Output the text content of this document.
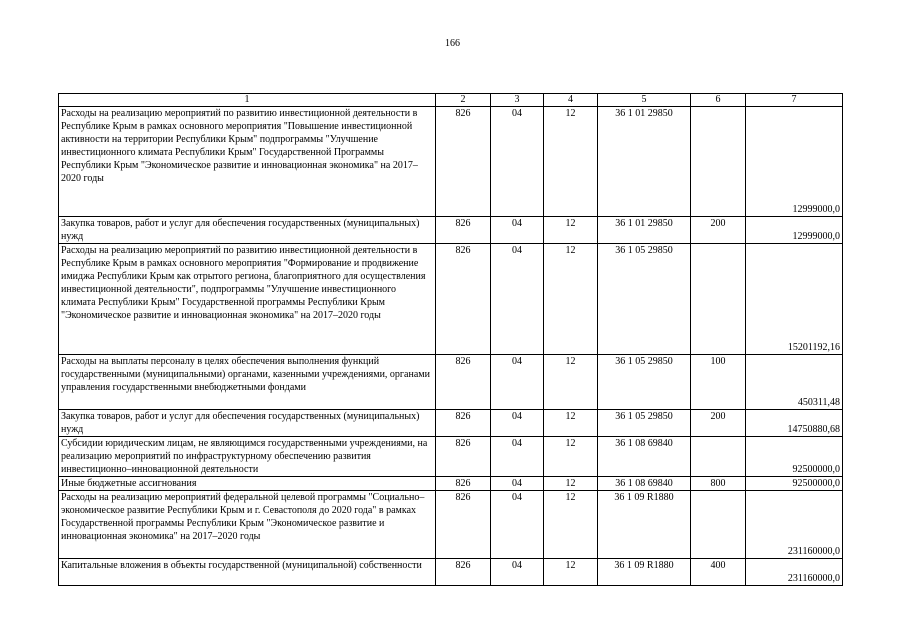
166
1	2	3	4	5	6	7
Расходы на реализацию мероприятий по развитию инвестиционной деятельности в Республике Крым в рамках основного мероприятия "Повышение инвестиционной активности на территории Республики Крым" подпрограммы "Улучшение инвестиционного климата Республики Крым" Государственной Программы Республики Крым "Экономическое развитие и инновационная экономика" на 2017–2020 годы	826	04	12	36 1 01 29850		12999000,0
Закупка товаров, работ и услуг для обеспечения государственных (муниципальных) нужд	826	04	12	36 1 01 29850	200	12999000,0
Расходы на реализацию мероприятий по развитию инвестиционной деятельности в Республике Крым в рамках основного мероприятия "Формирование и продвижение имиджа Республики Крым как отрытого региона, благоприятного для осуществления инвестиционной деятельности", подпрограммы "Улучшение инвестиционного климата Республики Крым" Государственной программы Республики Крым "Экономическое развитие и инновационная экономика" на 2017–2020 годы	826	04	12	36 1 05 29850		15201192,16
Расходы на выплаты персоналу в целях обеспечения выполнения функций государственными (муниципальными) органами, казенными учреждениями, органами управления государственными внебюджетными фондами	826	04	12	36 1 05 29850	100	450311,48
Закупка товаров, работ и услуг для обеспечения государственных (муниципальных) нужд	826	04	12	36 1 05 29850	200	14750880,68
Субсидии юридическим лицам, не являющимся государственными учреждениями, на реализацию мероприятий по инфраструктурному обеспечению развития инвестиционно–инновационной деятельности	826	04	12	36 1 08 69840		92500000,0
Иные бюджетные ассигнования	826	04	12	36 1 08 69840	800	92500000,0
Расходы на реализацию мероприятий федеральной целевой программы "Социально–экономическое развитие Республики Крым и г. Севастополя до 2020 года" в рамках Государственной программы Республики Крым "Экономическое развитие и инновационная экономика" на 2017–2020 годы	826	04	12	36 1 09 R1880		231160000,0
Капитальные вложения в объекты государственной (муниципальной) собственности	826	04	12	36 1 09 R1880	400	231160000,0
